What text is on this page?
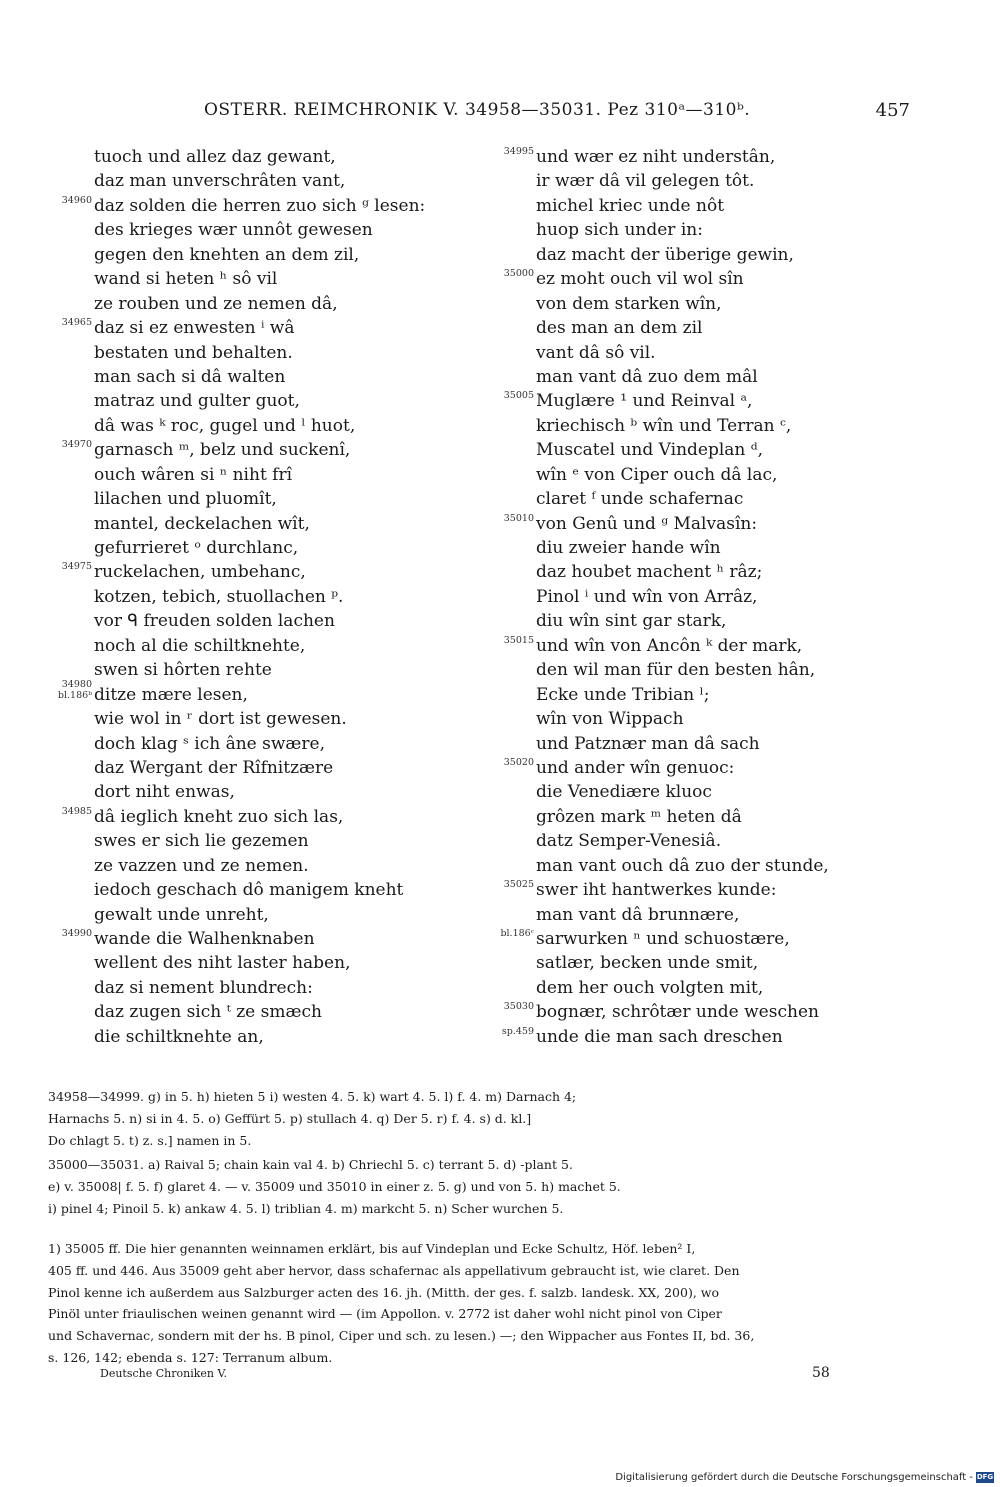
OSTERR. REIMCHRONIK V. 34958—35031. Pez 310ᵃ—310ᵇ.	457
tuoch und allez daz gewant,
daz man unverschrâten vant,
34960 daz solden die herren zuo sich ᵍ lesen:
des krieges wær unnôt gewesen
gegen den knehten an dem zil,
wand si heten ʰ sô vil
ze rouben und ze nemen dâ,
34965 daz si ez enwesten ⁱ wâ
bestaten und behalten.
man sach si dâ walten
matraz und gulter guot,
dâ was ᵏ roc, gugel und ˡ huot,
34970 garnasch ᵐ, belz und suckenî,
ouch wâren si ⁿ niht frî
lilachen und pluomît,
mantel, deckelachen wît,
gefurrieret ᵒ durchlanc,
34975 ruckelachen, umbehanc,
kotzen, tebich, stuollachen ᵖ.
vor ᑫ freuden solden lachen
noch al die schiltknehte,
swen si hôrten rehte
34980
bl.186ᵇ ditze mære lesen,
wie wol in ʳ dort ist gewesen.
doch klag ˢ ich âne swære,
daz Wergant der Rîfnitzære
dort niht enwas,
34985 dâ ieglich kneht zuo sich las,
swes er sich lie gezemen
ze vazzen und ze nemen.
iedoch geschach dô manigem kneht
gewalt unde unreht,
34990 wande die Walhenknaben
wellent des niht laster haben,
daz si nement blundrech:
daz zugen sich ᵗ ze smæch
die schiltknehte an,
34995 und wær ez niht understân,
ir wær dâ vil gelegen tôt.
michel kriec unde nôt
huop sich under in:
daz macht der überige gewin,
35000 ez moht ouch vil wol sîn
von dem starken wîn,
des man an dem zil
vant dâ sô vil.
man vant dâ zuo dem mâl
35005 Muglære ¹ und Reinval ᵃ,
kriechisch ᵇ wîn und Terran ᶜ,
Muscatel und Vindeplan ᵈ,
wîn ᵉ von Ciper ouch dâ lac,
claret ᶠ unde schafernac
35010 von Genû und ᵍ Malvasîn:
diu zweier hande wîn
daz houbet machent ʰ râz;
Pinol ⁱ und wîn von Arrâz,
diu wîn sint gar stark,
35015 und wîn von Ancôn ᵏ der mark,
den wil man für den besten hân,
Ecke unde Tribian ˡ;
wîn von Wippach
und Patznær man dâ sach
35020 und ander wîn genuoc:
die Venediære kluoc
grôzen mark ᵐ heten dâ
datz Semper-Venesiâ.
man vant ouch dâ zuo der stunde,
35025 swer iht hantwerkes kunde:
man vant dâ brunnære,
bl.186ᶜ sarwurken ⁿ und schuostære,
satlær, becken unde smit,
dem her ouch volgten mit,
35030 bognær, schrôtær unde weschen
sp.459 unde die man sach dreschen
34958—34999. g) in 5. h) hieten 5 i) westen 4. 5. k) wart 4. 5. l) f. 4. m) Darnach 4;
Harnachs 5. n) si in 4. 5. o) Geffürt 5. p) stullach 4. q) Der 5. r) f. 4. s) d. kl.]
Do chlagt 5. t) z. s.] namen in 5.
35000—35031. a) Raival 5; chain kain val 4. b) Chriechl 5. c) terrant 5. d) -plant 5.
e) v. 35008| f. 5. f) glaret 4. — v. 35009 und 35010 in einer z. 5. g) und von 5. h) machet 5.
i) pinel 4; Pinoil 5. k) ankaw 4. 5. l) triblian 4. m) markcht 5. n) Scher wurchen 5.
1) 35005 ff. Die hier genannten weinnamen erklärt, bis auf Vindeplan und Ecke Schultz, Höf. leben² I,
405 ff. und 446. Aus 35009 geht aber hervor, dass schafernac als appellativum gebraucht ist, wie claret. Den
Pinol kenne ich außerdem aus Salzburger acten des 16. jh. (Mitth. der ges. f. salzb. landesk. XX, 200), wo
Pinöl unter friaulischen weinen genannt wird — (im Appollon. v. 2772 ist daher wohl nicht pinol von Ciper
und Schavernac, sondern mit der hs. B pinol, Ciper und sch. zu lesen.) —; den Wippacher aus Fontes II, bd. 36,
s. 126, 142; ebenda s. 127: Terranum album.
Deutsche Chroniken V.	58
Digitalisierung gefördert durch die Deutsche Forschungsgemeinschaft - DFG
